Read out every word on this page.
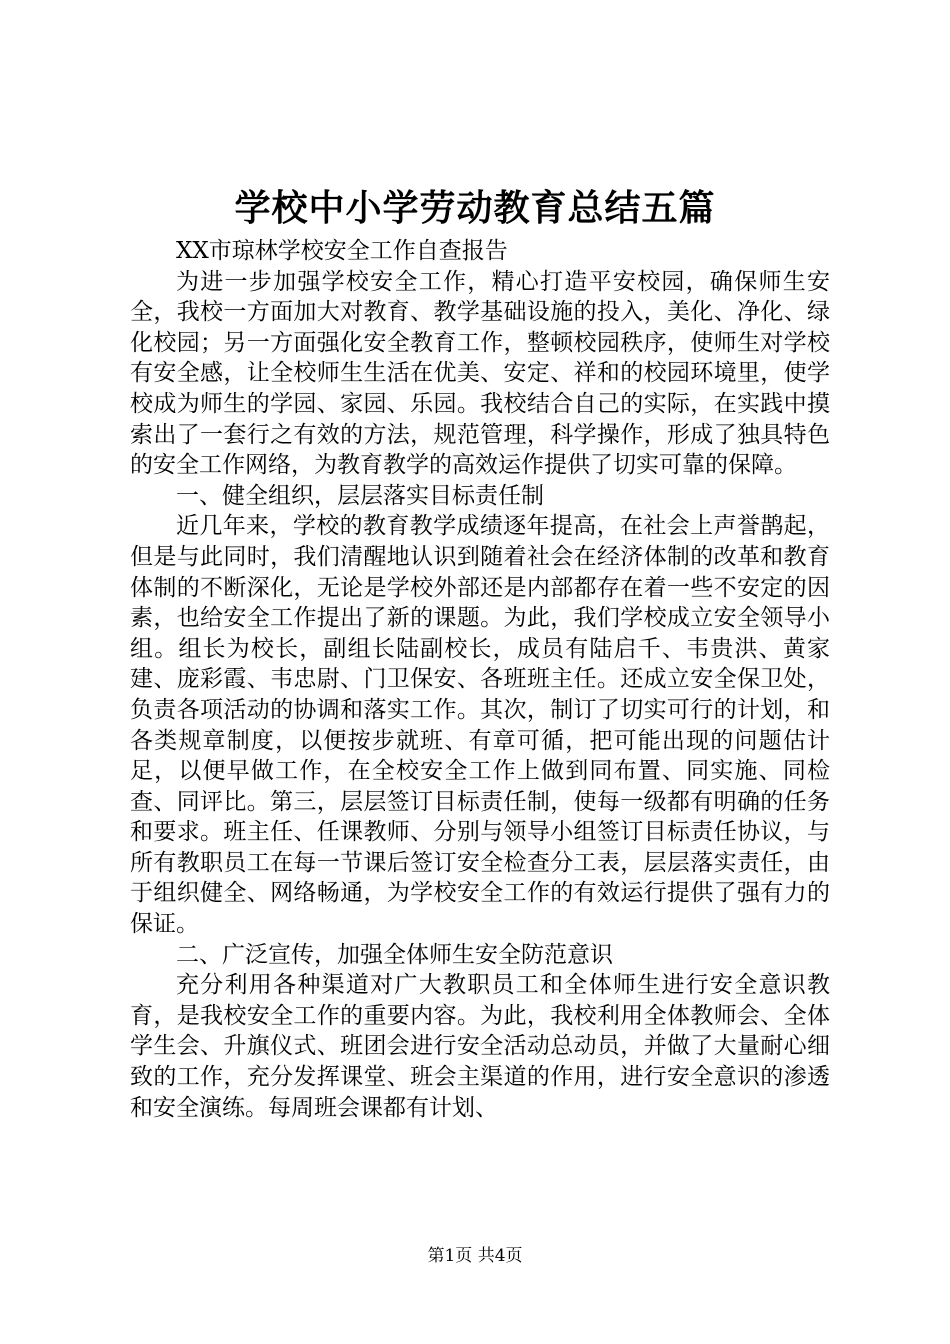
学校中小学劳动教育总结五篇

XX市琼林学校安全工作自查报告

为进一步加强学校安全工作，精心打造平安校园，确保师生安全，我校一方面加大对教育、教学基础设施的投入，美化、净化、绿化校园；另一方面强化安全教育工作，整顿校园秩序，使师生对学校有安全感，让全校师生生活在优美、安定、祥和的校园环境里，使学校成为师生的学园、家园、乐园。我校结合自己的实际，在实践中摸索出了一套行之有效的方法，规范管理，科学操作，形成了独具特色的安全工作网络，为教育教学的高效运作提供了切实可靠的保障。

一、健全组织，层层落实目标责任制

近几年来，学校的教育教学成绩逐年提高，在社会上声誉鹊起，但是与此同时，我们清醒地认识到随着社会在经济体制的改革和教育体制的不断深化，无论是学校外部还是内部都存在着一些不安定的因素，也给安全工作提出了新的课题。为此，我们学校成立安全领导小组。组长为校长，副组长陆副校长，成员有陆启千、韦贵洪、黄家建、庞彩霞、韦忠尉、门卫保安、各班班主任。还成立安全保卫处，负责各项活动的协调和落实工作。其次，制订了切实可行的计划，和各类规章制度，以便按步就班、有章可循，把可能出现的问题估计足，以便早做工作，在全校安全工作上做到同布置、同实施、同检查、同评比。第三，层层签订目标责任制，使每一级都有明确的任务和要求。班主任、任课教师、分别与领导小组签订目标责任协议，与所有教职员工在每一节课后签订安全检查分工表，层层落实责任，由于组织健全、网络畅通，为学校安全工作的有效运行提供了强有力的保证。

二、广泛宣传，加强全体师生安全防范意识

充分利用各种渠道对广大教职员工和全体师生进行安全意识教育，是我校安全工作的重要内容。为此，我校利用全体教师会、全体学生会、升旗仪式、班团会进行安全活动总动员，并做了大量耐心细致的工作，充分发挥课堂、班会主渠道的作用，进行安全意识的渗透和安全演练。每周班会课都有计划、

第1页 共4页
